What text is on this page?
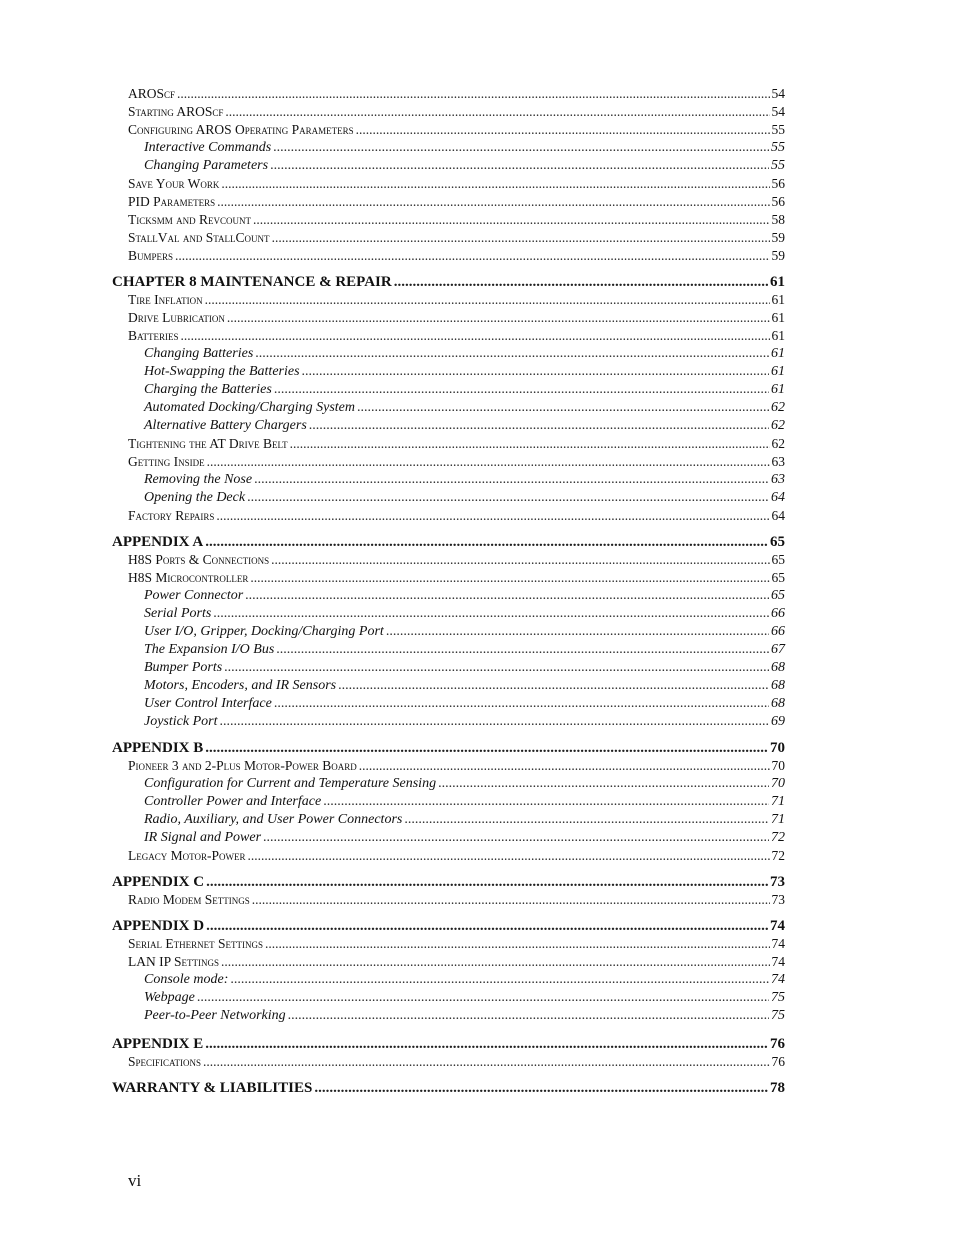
AROScf .....	54
Starting AROScf .....	54
Configuring AROS Operating Parameters .....	55
Interactive Commands .....	55
Changing Parameters .....	55
Save Your Work .....	56
PID Parameters .....	56
Ticksmm and Revcount .....	58
StallVal and StallCount .....	59
Bumpers .....	59
CHAPTER 8 MAINTENANCE & REPAIR .....	61
Tire Inflation .....	61
Drive Lubrication .....	61
Batteries .....	61
Changing Batteries .....	61
Hot-Swapping the Batteries .....	61
Charging the Batteries .....	61
Automated Docking/Charging System .....	62
Alternative Battery Chargers .....	62
Tightening the AT Drive Belt .....	62
Getting Inside .....	63
Removing the Nose .....	63
Opening the Deck .....	64
Factory Repairs .....	64
APPENDIX A .....	65
H8S Ports & Connections .....	65
H8S Microcontroller .....	65
Power Connector .....	65
Serial Ports .....	66
User I/O, Gripper, Docking/Charging Port .....	66
The Expansion I/O Bus .....	67
Bumper Ports .....	68
Motors, Encoders, and IR Sensors .....	68
User Control Interface .....	68
Joystick Port .....	69
APPENDIX B .....	70
Pioneer 3 and 2-Plus Motor-Power Board .....	70
Configuration for Current and Temperature Sensing .....	70
Controller Power and Interface .....	71
Radio, Auxiliary, and User Power Connectors .....	71
IR Signal and Power .....	72
Legacy Motor-Power .....	72
APPENDIX C .....	73
Radio Modem Settings .....	73
APPENDIX D .....	74
Serial Ethernet Settings .....	74
LAN IP Settings .....	74
Console mode: .....	74
Webpage .....	75
Peer-to-Peer Networking .....	75
APPENDIX E .....	76
Specifications .....	76
WARRANTY & LIABILITIES .....	78
vi
